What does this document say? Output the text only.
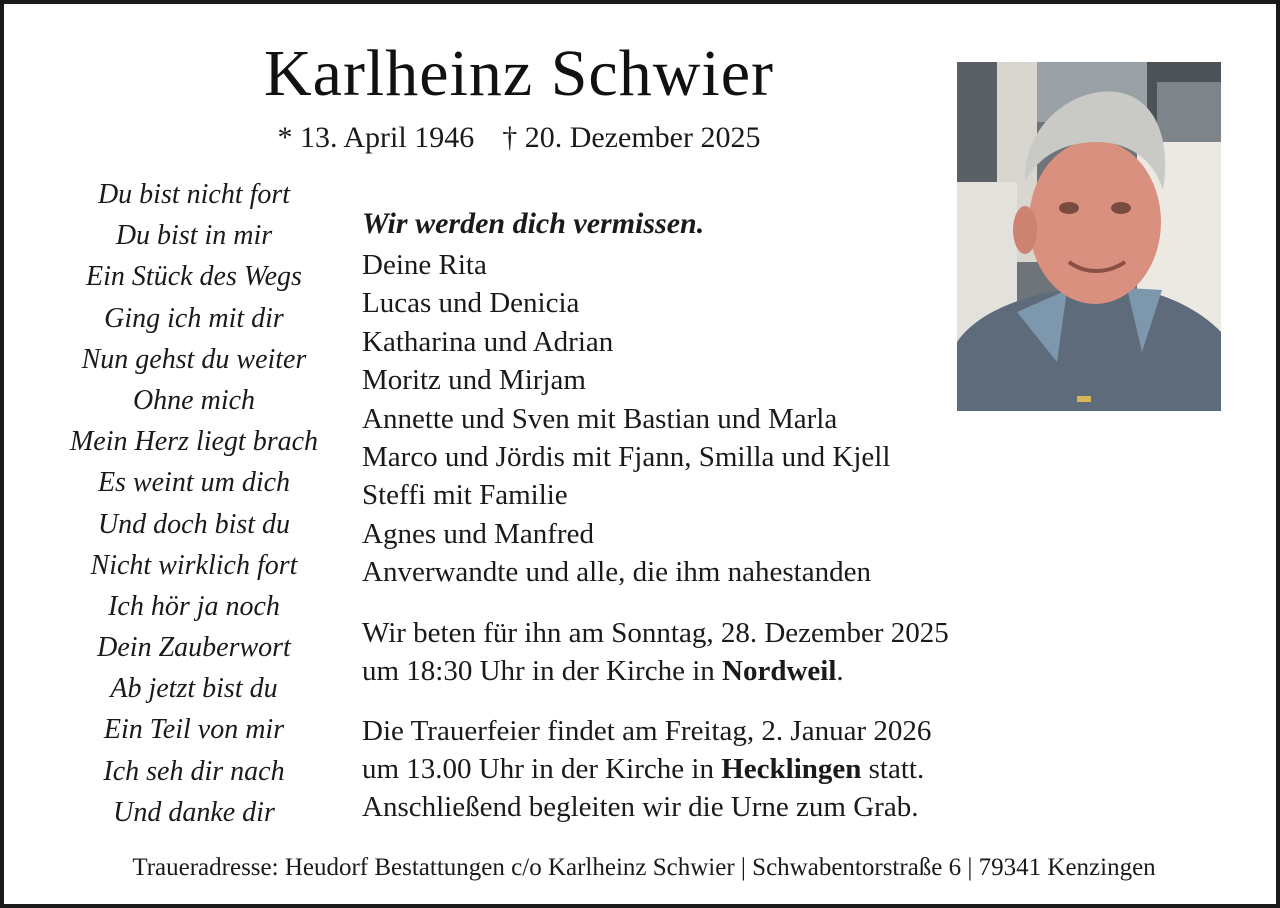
Karlheinz Schwier
* 13. April 1946 † 20. Dezember 2025
Du bist nicht fort
Du bist in mir
Ein Stück des Wegs
Ging ich mit dir
Nun gehst du weiter
Ohne mich
Mein Herz liegt brach
Es weint um dich
Und doch bist du
Nicht wirklich fort
Ich hör ja noch
Dein Zauberwort
Ab jetzt bist du
Ein Teil von mir
Ich seh dir nach
Und danke dir
Wir werden dich vermissen.
Deine Rita
Lucas und Denicia
Katharina und Adrian
Moritz und Mirjam
Annette und Sven mit Bastian und Marla
Marco und Jördis mit Fjann, Smilla und Kjell
Steffi mit Familie
Agnes und Manfred
Anverwandte und alle, die ihm nahestanden
Wir beten für ihn am Sonntag, 28. Dezember 2025
um 18:30 Uhr in der Kirche in Nordweil.
Die Trauerfeier findet am Freitag, 2. Januar 2026
um 13.00 Uhr in der Kirche in Hecklingen statt.
Anschließend begleiten wir die Urne zum Grab.
Traueradresse: Heudorf Bestattungen c/o Karlheinz Schwier | Schwabentorstraße 6 | 79341 Kenzingen
